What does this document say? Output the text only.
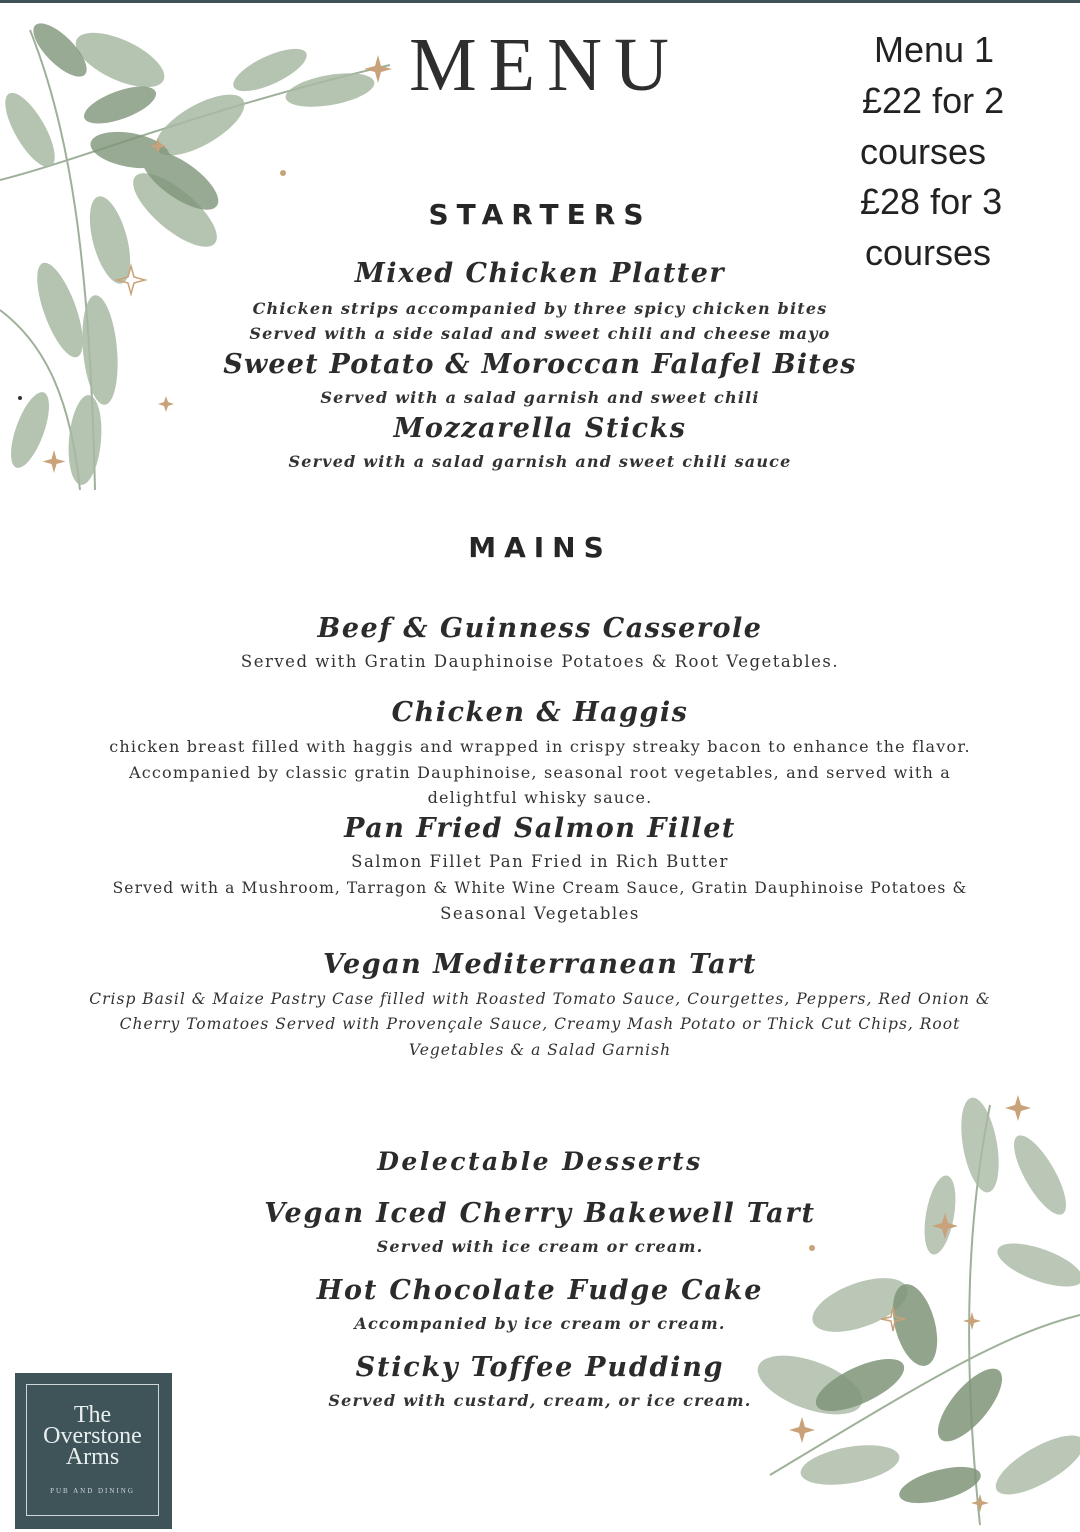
MENU	Menu 1
£22 for 2
courses
£28 for 3
courses
STARTERS
Mixed Chicken Platter
Chicken strips accompanied by three spicy chicken bites
Served with a side salad and sweet chili and cheese mayo
Sweet Potato & Moroccan Falafel Bites
Served with a salad garnish and sweet chili
Mozzarella Sticks
Served with a salad garnish and sweet chili sauce
MAINS
Beef & Guinness Casserole
Served with Gratin Dauphinoise Potatoes & Root Vegetables.
Chicken & Haggis
chicken breast filled with haggis and wrapped in crispy streaky bacon to enhance the flavor.
Accompanied by classic gratin Dauphinoise, seasonal root vegetables, and served with a
delightful whisky sauce.
Pan Fried Salmon Fillet
Salmon Fillet Pan Fried in Rich Butter
Served with a Mushroom, Tarragon & White Wine Cream Sauce, Gratin Dauphinoise Potatoes &
Seasonal Vegetables
Vegan Mediterranean Tart
Crisp Basil & Maize Pastry Case filled with Roasted Tomato Sauce, Courgettes, Peppers, Red Onion &
Cherry Tomatoes Served with Provençale Sauce, Creamy Mash Potato or Thick Cut Chips, Root
Vegetables & a Salad Garnish
Delectable Desserts
Vegan Iced Cherry Bakewell Tart
Served with ice cream or cream.
Hot Chocolate Fudge Cake
Accompanied by ice cream or cream.
Sticky Toffee Pudding
Served with custard, cream, or ice cream.
The
Overstone
Arms
PUB AND DINING
